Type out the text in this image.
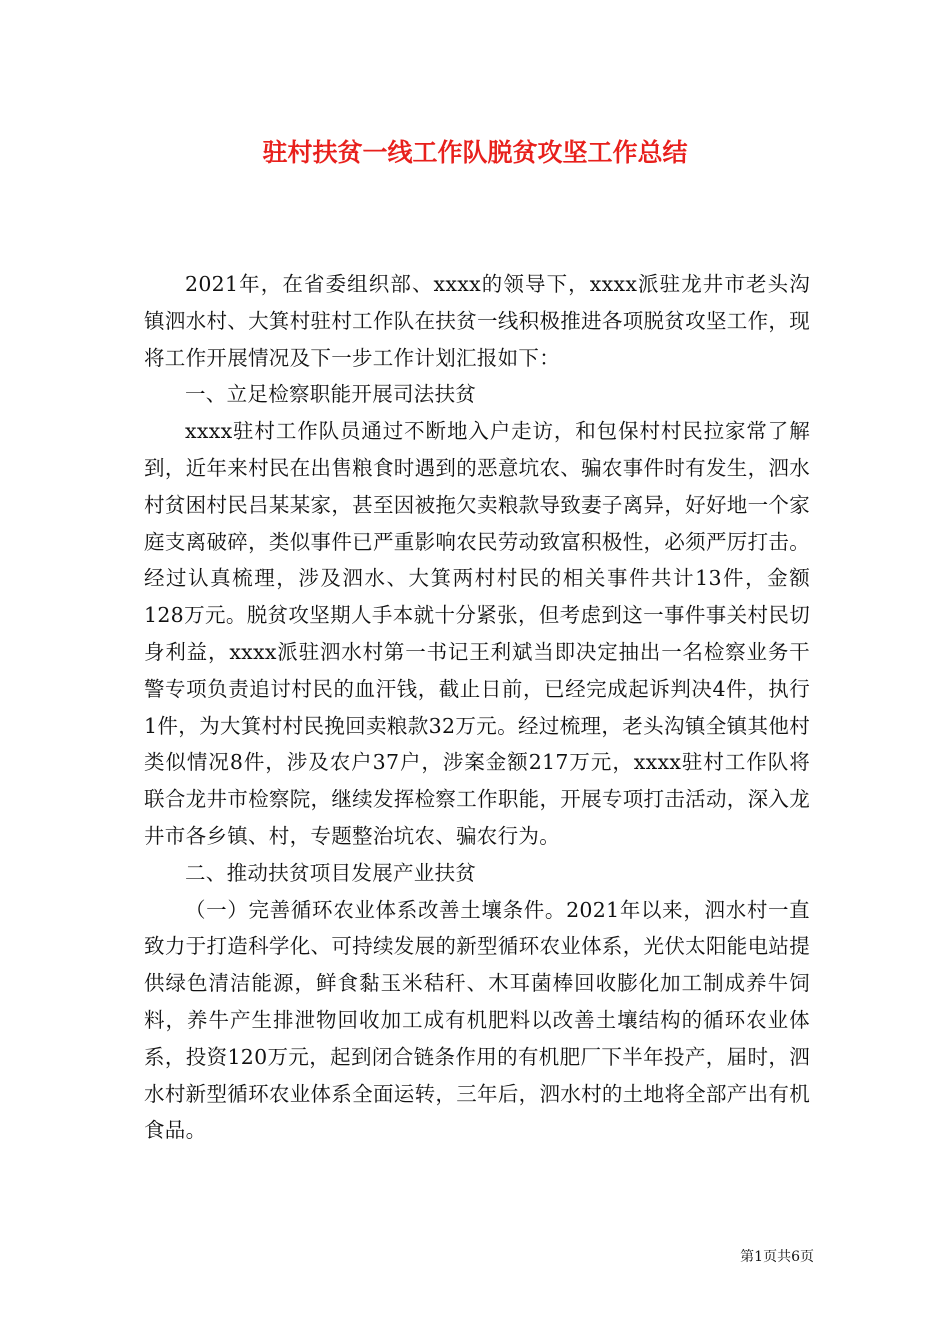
驻村扶贫一线工作队脱贫攻坚工作总结

2021年，在省委组织部、xxxx的领导下，xxxx派驻龙井市老头沟镇泗水村、大箕村驻村工作队在扶贫一线积极推进各项脱贫攻坚工作，现将工作开展情况及下一步工作计划汇报如下：

一、立足检察职能开展司法扶贫

xxxx驻村工作队员通过不断地入户走访，和包保村村民拉家常了解到，近年来村民在出售粮食时遇到的恶意坑农、骗农事件时有发生，泗水村贫困村民吕某某家，甚至因被拖欠卖粮款导致妻子离异，好好地一个家庭支离破碎，类似事件已严重影响农民劳动致富积极性，必须严厉打击。经过认真梳理，涉及泗水、大箕两村村民的相关事件共计13件，金额128万元。脱贫攻坚期人手本就十分紧张，但考虑到这一事件事关村民切身利益，xxxx派驻泗水村第一书记王利斌当即决定抽出一名检察业务干警专项负责追讨村民的血汗钱，截止日前，已经完成起诉判决4件，执行1件，为大箕村村民挽回卖粮款32万元。经过梳理，老头沟镇全镇其他村类似情况8件，涉及农户37户，涉案金额217万元，xxxx驻村工作队将联合龙井市检察院，继续发挥检察工作职能，开展专项打击活动，深入龙井市各乡镇、村，专题整治坑农、骗农行为。

二、推动扶贫项目发展产业扶贫

（一）完善循环农业体系改善土壤条件。2021年以来，泗水村一直致力于打造科学化、可持续发展的新型循环农业体系，光伏太阳能电站提供绿色清洁能源，鲜食黏玉米秸秆、木耳菌棒回收膨化加工制成养牛饲料，养牛产生排泄物回收加工成有机肥料以改善土壤结构的循环农业体系，投资120万元，起到闭合链条作用的有机肥厂下半年投产，届时，泗水村新型循环农业体系全面运转，三年后，泗水村的土地将全部产出有机食品。

第1页共6页
